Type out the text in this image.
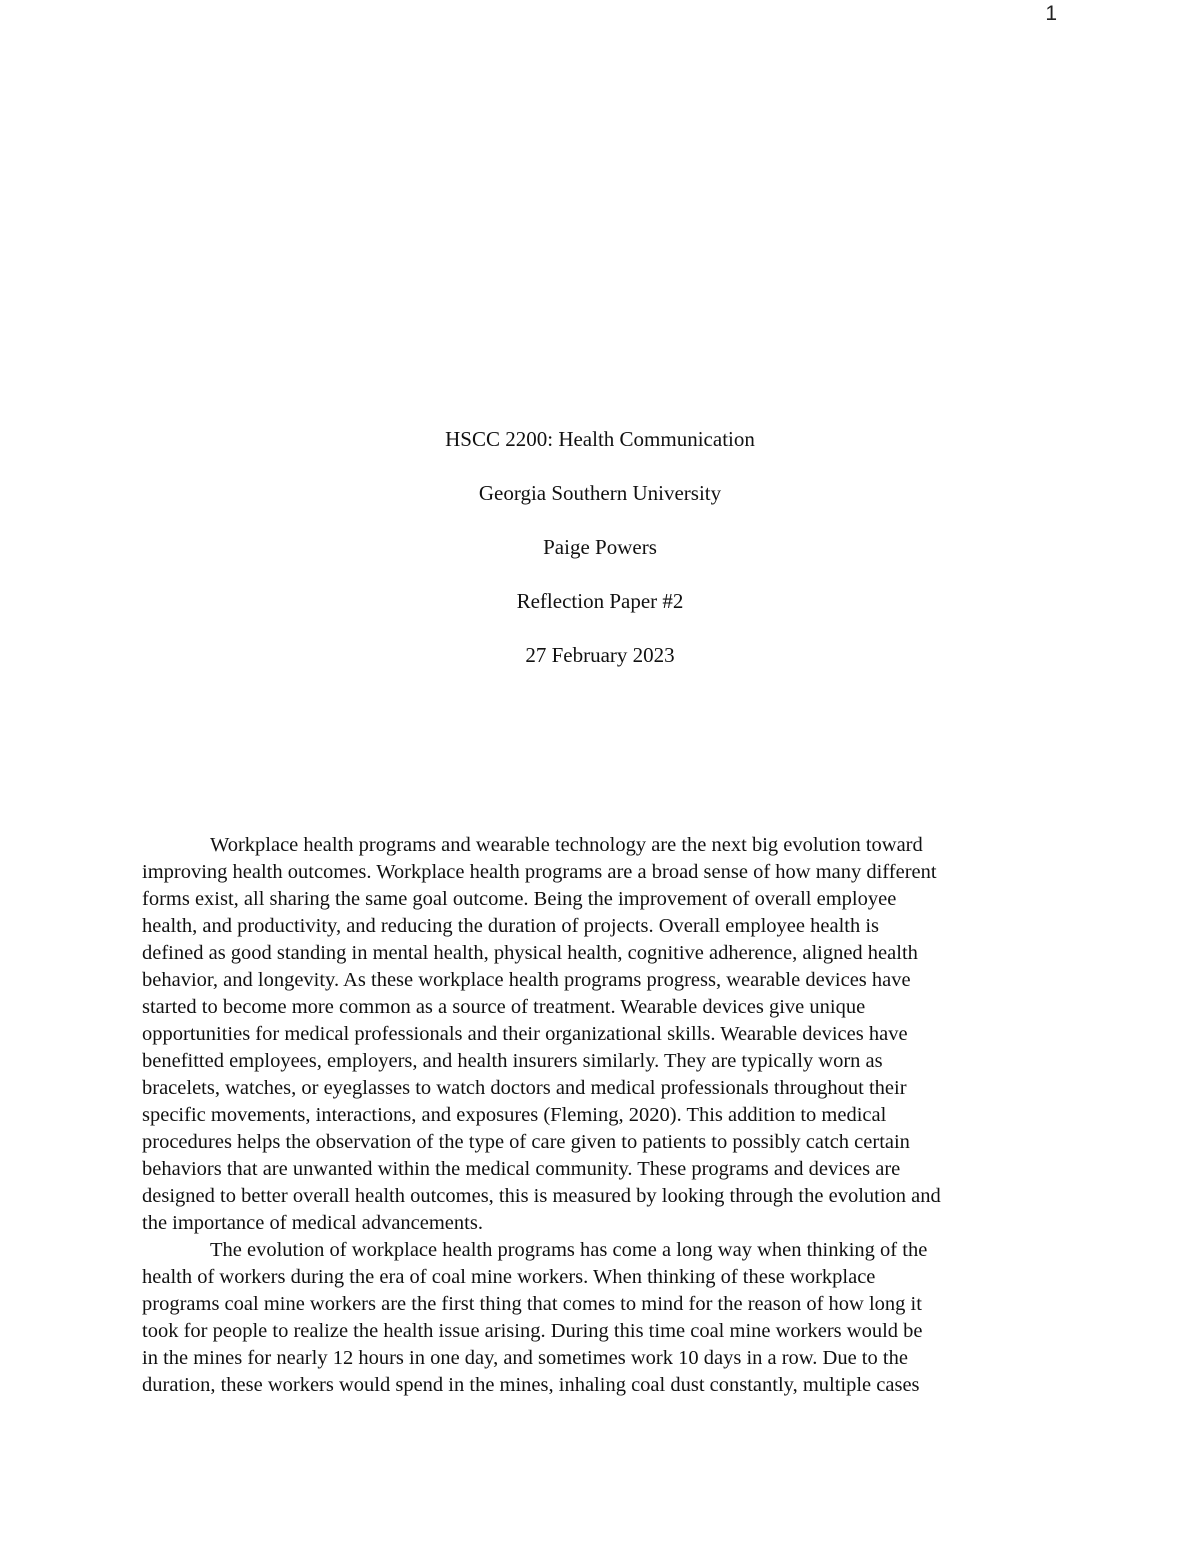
1
HSCC 2200: Health Communication
Georgia Southern University
Paige Powers
Reflection Paper #2
27 February 2023
Workplace health programs and wearable technology are the next big evolution toward
improving health outcomes. Workplace health programs are a broad sense of how many different
forms exist, all sharing the same goal outcome. Being the improvement of overall employee
health, and productivity, and reducing the duration of projects. Overall employee health is
defined as good standing in mental health, physical health, cognitive adherence, aligned health
behavior, and longevity. As these workplace health programs progress, wearable devices have
started to become more common as a source of treatment. Wearable devices give unique
opportunities for medical professionals and their organizational skills. Wearable devices have
benefitted employees, employers, and health insurers similarly. They are typically worn as
bracelets, watches, or eyeglasses to watch doctors and medical professionals throughout their
specific movements, interactions, and exposures (Fleming, 2020). This addition to medical
procedures helps the observation of the type of care given to patients to possibly catch certain
behaviors that are unwanted within the medical community. These programs and devices are
designed to better overall health outcomes, this is measured by looking through the evolution and
the importance of medical advancements.
The evolution of workplace health programs has come a long way when thinking of the
health of workers during the era of coal mine workers. When thinking of these workplace
programs coal mine workers are the first thing that comes to mind for the reason of how long it
took for people to realize the health issue arising. During this time coal mine workers would be
in the mines for nearly 12 hours in one day, and sometimes work 10 days in a row. Due to the
duration, these workers would spend in the mines, inhaling coal dust constantly, multiple cases
